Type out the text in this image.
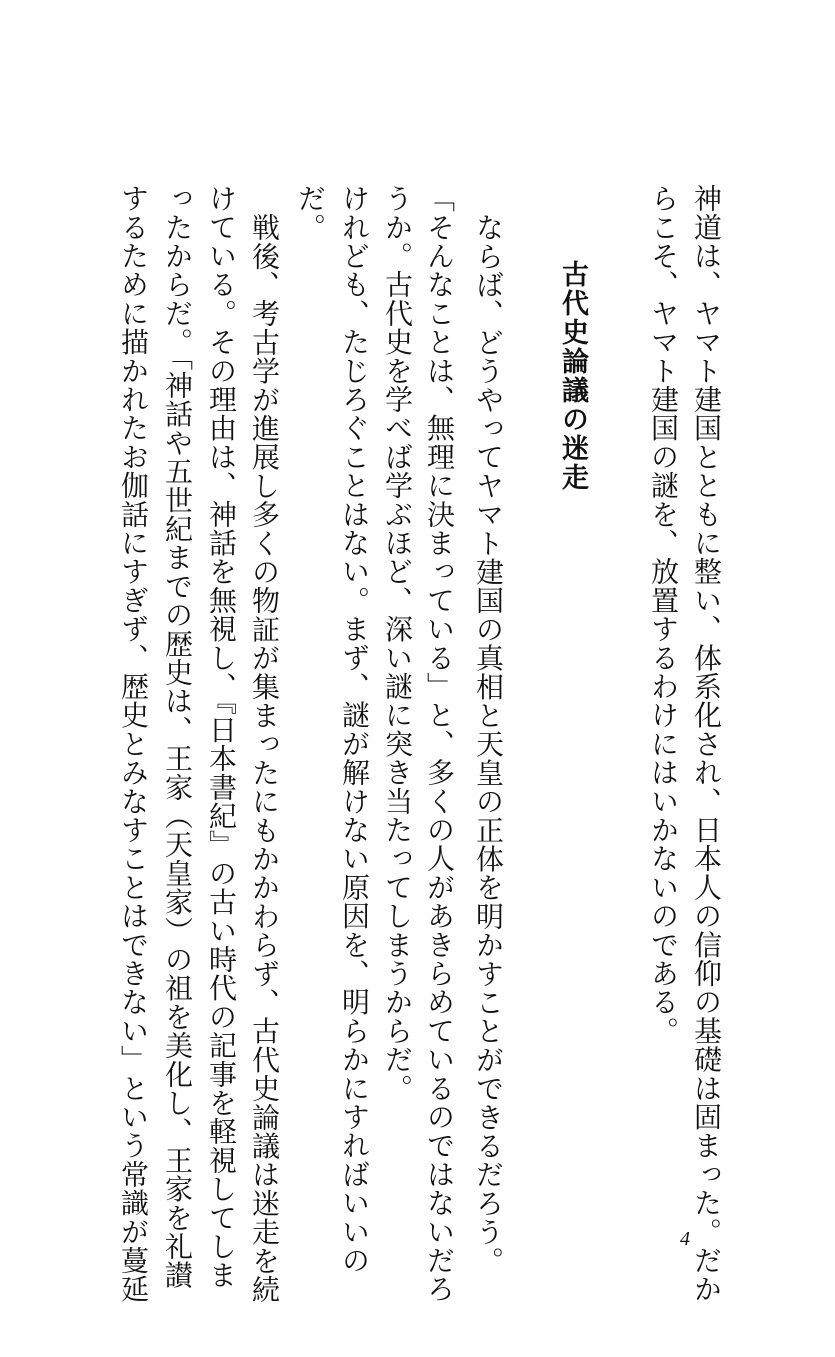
神道は、ヤマト建国とともに整い、体系化され、日本人の信仰の基礎は固まった。だか
らこそ、ヤマト建国の謎を、放置するわけにはいかないのである。
古代史論議の迷走
ならば、どうやってヤマト建国の真相と天皇の正体を明かすことができるだろう。
「そんなことは、無理に決まっている」と、多くの人があきらめているのではないだろ
うか。古代史を学べば学ぶほど、深い謎に突き当たってしまうからだ。
けれども、たじろぐことはない。まず、謎が解けない原因を、明らかにすればいいの
だ。
戦後、考古学が進展し多くの物証が集まったにもかかわらず、古代史論議は迷走を続
けている。その理由は、神話を無視し、『日本書紀』の古い時代の記事を軽視してしま
ったからだ。「神話や五世紀までの歴史は、王家（天皇家）の祖を美化し、王家を礼讃
するために描かれたお伽話にすぎず、歴史とみなすことはできない」という常識が蔓延	4
